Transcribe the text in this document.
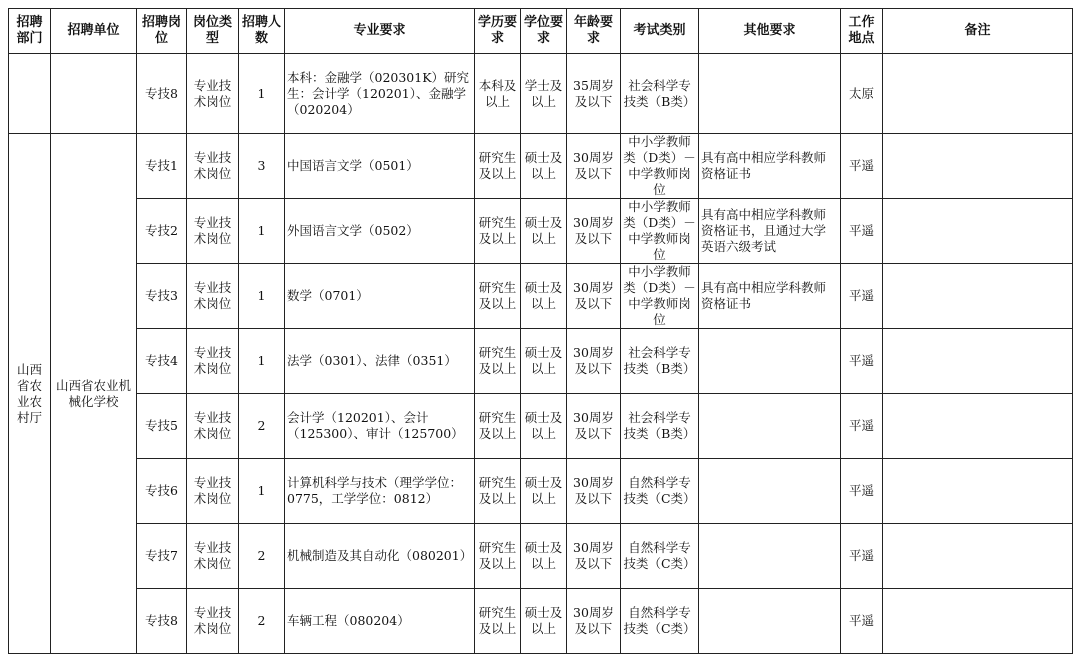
招聘部门	招聘单位	招聘岗位	岗位类型	招聘人数	专业要求	学历要求	学位要求	年龄要求	考试类别	其他要求	工作地点	备注
		专技8	专业技术岗位	1	本科：金融学（020301K）研究生：会计学（120201）、金融学（020204）	本科及以上	学士及以上	35周岁及以下	社会科学专技类（B类）		太原	
山西省农业农村厅	山西省农业机械化学校	专技1	专业技术岗位	3	中国语言文学（0501）	研究生及以上	硕士及以上	30周岁及以下	中小学教师类（D类）－中学教师岗位	具有高中相应学科教师资格证书	平遥	
		专技2	专业技术岗位	1	外国语言文学（0502）	研究生及以上	硕士及以上	30周岁及以下	中小学教师类（D类）－中学教师岗位	具有高中相应学科教师资格证书，且通过大学英语六级考试	平遥	
		专技3	专业技术岗位	1	数学（0701）	研究生及以上	硕士及以上	30周岁及以下	中小学教师类（D类）－中学教师岗位	具有高中相应学科教师资格证书	平遥	
		专技4	专业技术岗位	1	法学（0301）、法律（0351）	研究生及以上	硕士及以上	30周岁及以下	社会科学专技类（B类）		平遥	
		专技5	专业技术岗位	2	会计学（120201）、会计（125300）、审计（125700）	研究生及以上	硕士及以上	30周岁及以下	社会科学专技类（B类）		平遥	
		专技6	专业技术岗位	1	计算机科学与技术（理学学位：0775，工学学位：0812）	研究生及以上	硕士及以上	30周岁及以下	自然科学专技类（C类）		平遥	
		专技7	专业技术岗位	2	机械制造及其自动化（080201）	研究生及以上	硕士及以上	30周岁及以下	自然科学专技类（C类）		平遥	
		专技8	专业技术岗位	2	车辆工程（080204）	研究生及以上	硕士及以上	30周岁及以下	自然科学专技类（C类）		平遥	
